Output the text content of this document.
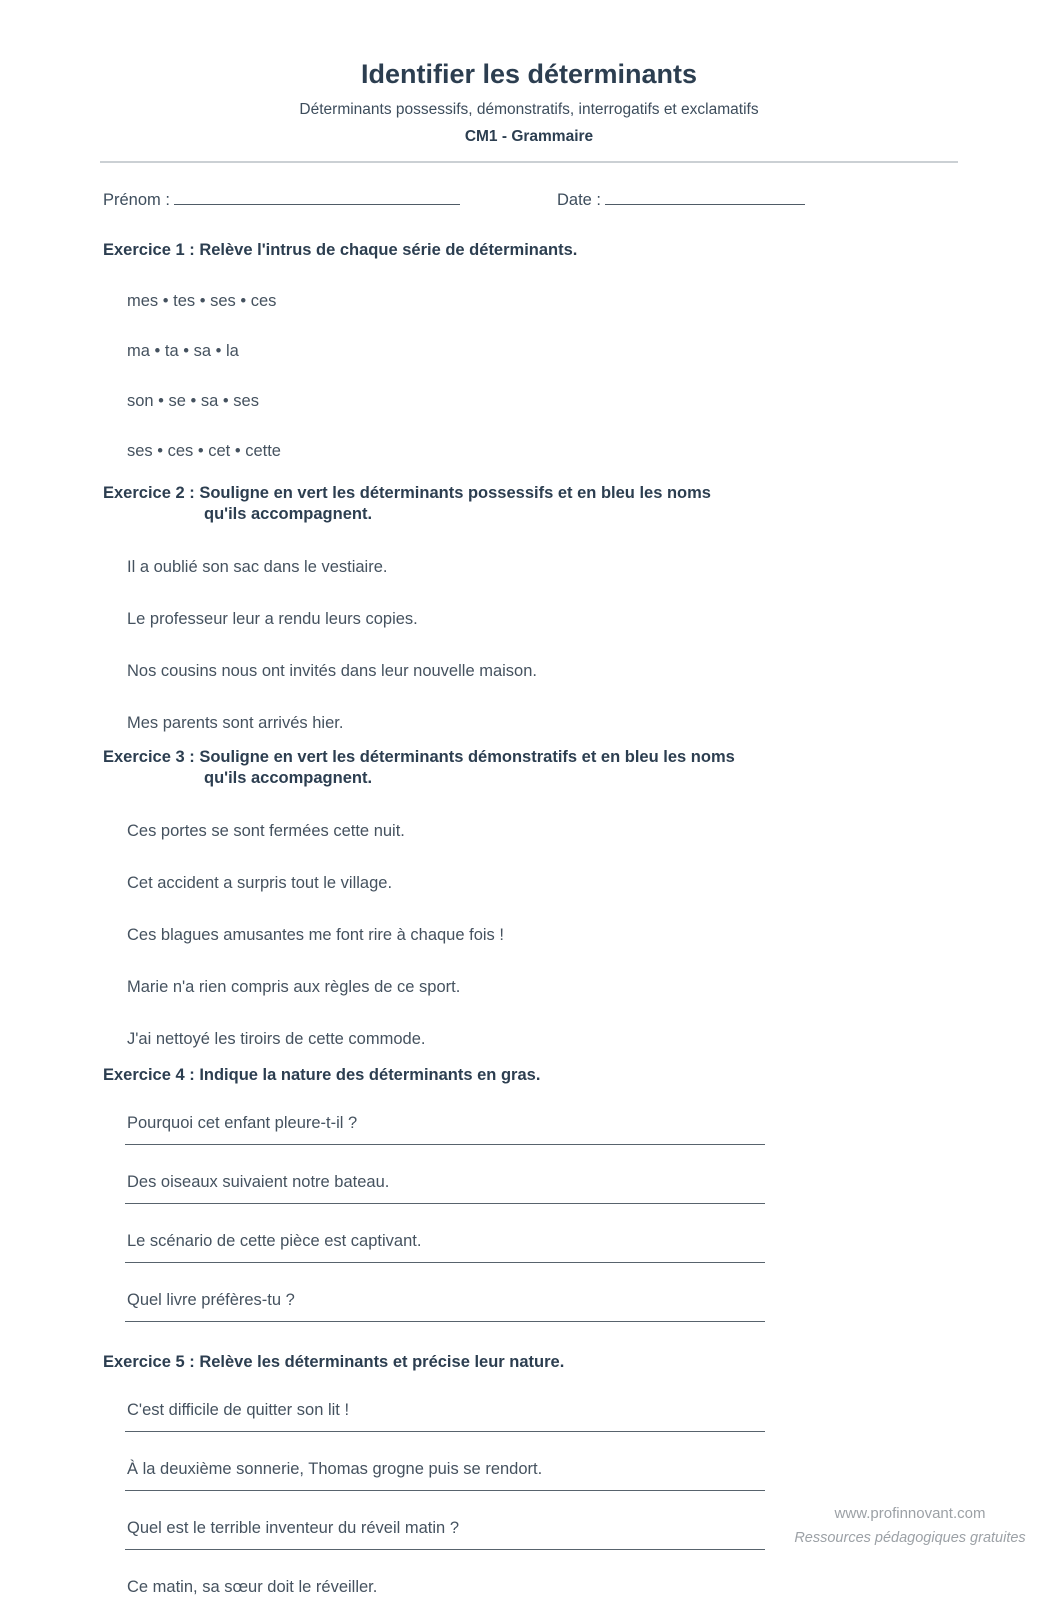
Identifier les déterminants
Déterminants possessifs, démonstratifs, interrogatifs et exclamatifs
CM1 - Grammaire
Prénom :	Date :
Exercice 1 : Relève l'intrus de chaque série de déterminants.
mes • tes • ses • ces
ma • ta • sa • la
son • se • sa • ses
ses • ces • cet • cette
Exercice 2 : Souligne en vert les déterminants possessifs et en bleu les noms
qu'ils accompagnent.
Il a oublié son sac dans le vestiaire.
Le professeur leur a rendu leurs copies.
Nos cousins nous ont invités dans leur nouvelle maison.
Mes parents sont arrivés hier.
Exercice 3 : Souligne en vert les déterminants démonstratifs et en bleu les noms
qu'ils accompagnent.
Ces portes se sont fermées cette nuit.
Cet accident a surpris tout le village.
Ces blagues amusantes me font rire à chaque fois !
Marie n'a rien compris aux règles de ce sport.
J'ai nettoyé les tiroirs de cette commode.
Exercice 4 : Indique la nature des déterminants en gras.
Pourquoi cet enfant pleure-t-il ?
Des oiseaux suivaient notre bateau.
Le scénario de cette pièce est captivant.
Quel livre préfères-tu ?
Exercice 5 : Relève les déterminants et précise leur nature.
C'est difficile de quitter son lit !
À la deuxième sonnerie, Thomas grogne puis se rendort.
Quel est le terrible inventeur du réveil matin ?
Ce matin, sa sœur doit le réveiller.
www.profinnovant.com
Ressources pédagogiques gratuites
